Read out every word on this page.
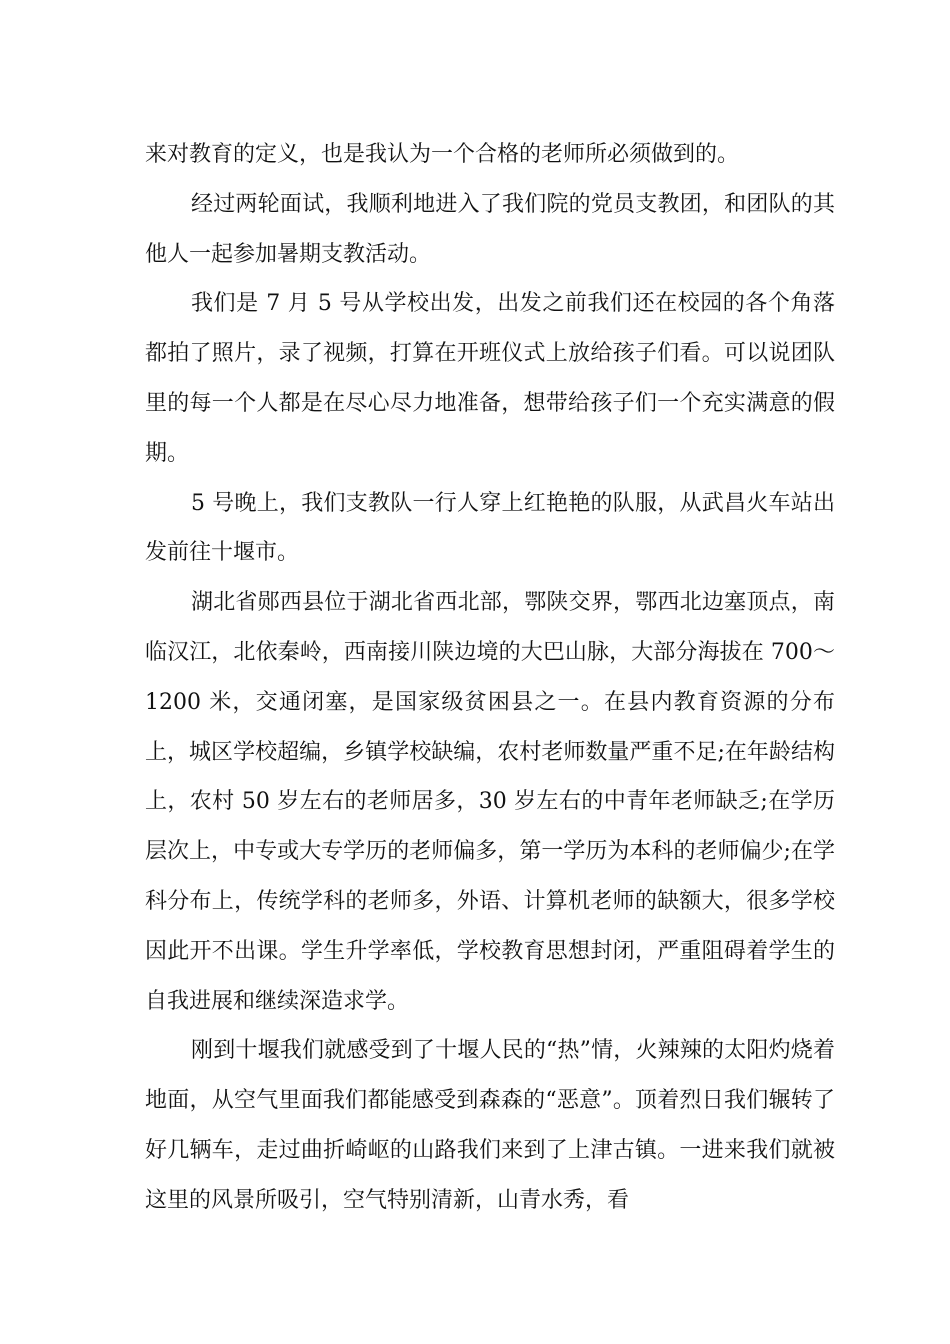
来对教育的定义，也是我认为一个合格的老师所必须做到的。

经过两轮面试，我顺利地进入了我们院的党员支教团，和团队的其他人一起参加暑期支教活动。

我们是 7 月 5 号从学校出发，出发之前我们还在校园的各个角落都拍了照片，录了视频，打算在开班仪式上放给孩子们看。可以说团队里的每一个人都是在尽心尽力地准备，想带给孩子们一个充实满意的假期。

5 号晚上，我们支教队一行人穿上红艳艳的队服，从武昌火车站出发前往十堰市。

湖北省郧西县位于湖北省西北部，鄂陕交界，鄂西北边塞顶点，南临汉江，北依秦岭，西南接川陕边境的大巴山脉，大部分海拔在 700～1200 米，交通闭塞，是国家级贫困县之一。在县内教育资源的分布上，城区学校超编，乡镇学校缺编，农村老师数量严重不足;在年龄结构上，农村 50 岁左右的老师居多，30 岁左右的中青年老师缺乏;在学历层次上，中专或大专学历的老师偏多，第一学历为本科的老师偏少;在学科分布上，传统学科的老师多，外语、计算机老师的缺额大，很多学校因此开不出课。学生升学率低，学校教育思想封闭，严重阻碍着学生的自我进展和继续深造求学。

刚到十堰我们就感受到了十堰人民的“热”情，火辣辣的太阳灼烧着地面，从空气里面我们都能感受到森森的“恶意”。顶着烈日我们辗转了好几辆车，走过曲折崎岖的山路我们来到了上津古镇。一进来我们就被这里的风景所吸引，空气特别清新，山青水秀，看
